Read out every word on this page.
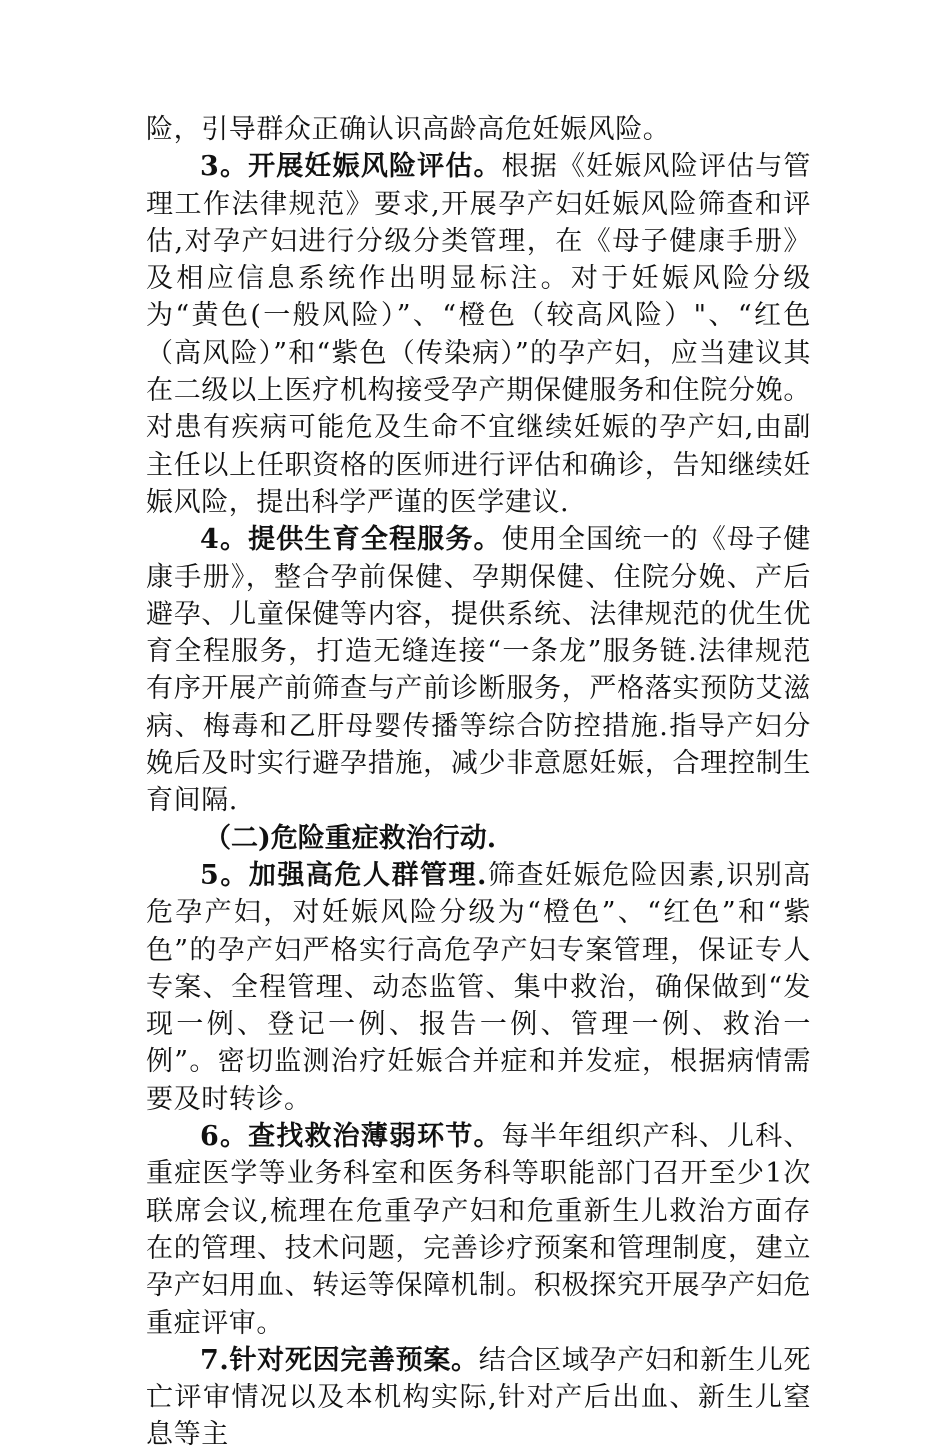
险，引导群众正确认识高龄高危妊娠风险。

3。开展妊娠风险评估。根据《妊娠风险评估与管理工作法律规范》要求,开展孕产妇妊娠风险筛查和评估,对孕产妇进行分级分类管理，在《母子健康手册》及相应信息系统作出明显标注。对于妊娠风险分级为“黄色(一般风险）”、“橙色（较高风险）"、“红色（高风险）”和“紫色（传染病）”的孕产妇，应当建议其在二级以上医疗机构接受孕产期保健服务和住院分娩。对患有疾病可能危及生命不宜继续妊娠的孕产妇,由副主任以上任职资格的医师进行评估和确诊，告知继续妊娠风险，提出科学严谨的医学建议.

4。提供生育全程服务。使用全国统一的《母子健康手册》，整合孕前保健、孕期保健、住院分娩、产后避孕、儿童保健等内容，提供系统、法律规范的优生优育全程服务，打造无缝连接“一条龙”服务链.法律规范有序开展产前筛查与产前诊断服务，严格落实预防艾滋病、梅毒和乙肝母婴传播等综合防控措施.指导产妇分娩后及时实行避孕措施，减少非意愿妊娠，合理控制生育间隔.

（二)危险重症救治行动.

5。加强高危人群管理.筛查妊娠危险因素,识别高危孕产妇，对妊娠风险分级为“橙色”、“红色”和“紫色”的孕产妇严格实行高危孕产妇专案管理，保证专人专案、全程管理、动态监管、集中救治，确保做到“发现一例、登记一例、报告一例、管理一例、救治一例”。密切监测治疗妊娠合并症和并发症，根据病情需要及时转诊。

6。查找救治薄弱环节。每半年组织产科、儿科、重症医学等业务科室和医务科等职能部门召开至少1次联席会议,梳理在危重孕产妇和危重新生儿救治方面存在的管理、技术问题，完善诊疗预案和管理制度，建立孕产妇用血、转运等保障机制。积极探究开展孕产妇危重症评审。

7.针对死因完善预案。结合区域孕产妇和新生儿死亡评审情况以及本机构实际,针对产后出血、新生儿窒息等主
